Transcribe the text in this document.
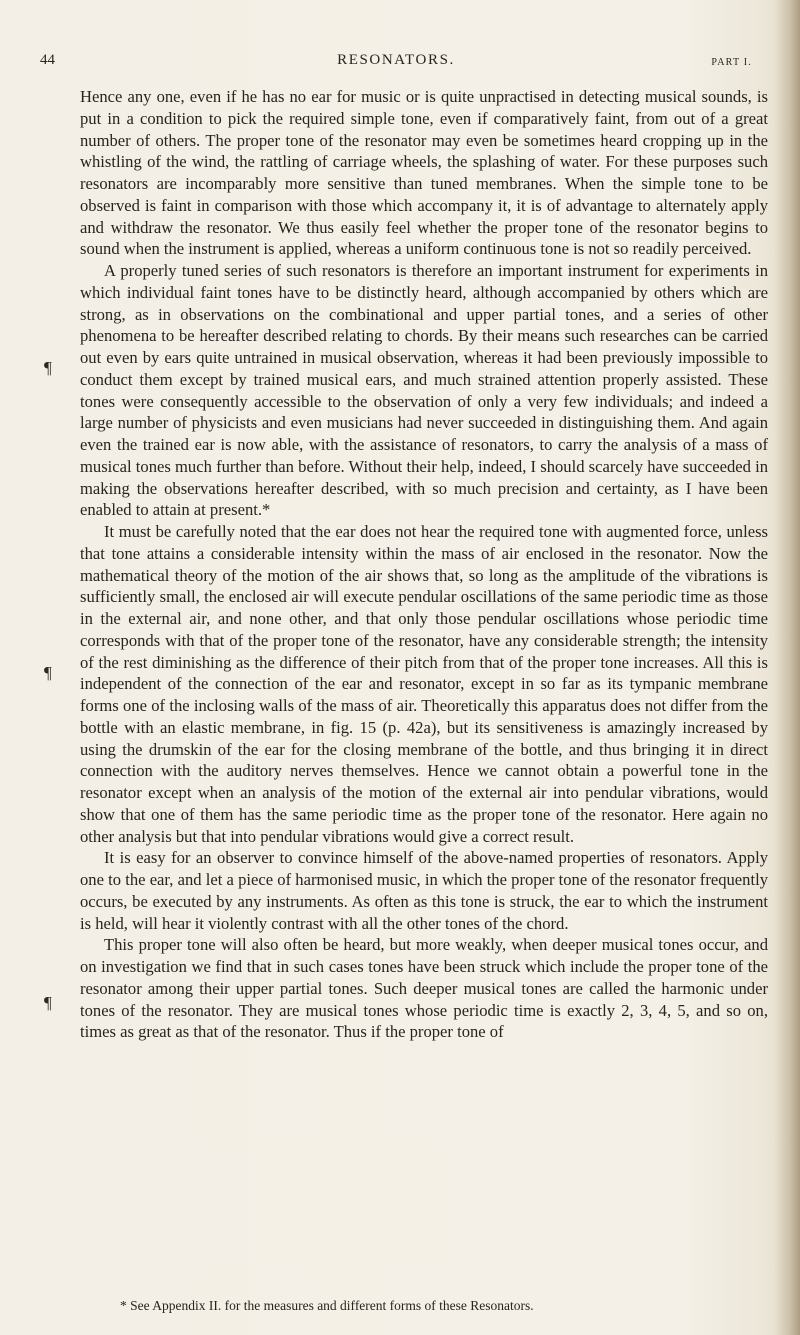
44	RESONATORS.	PART I.
¶
¶
¶

Hence any one, even if he has no ear for music or is quite unpractised in detecting musical sounds, is put in a condition to pick the required simple tone, even if comparatively faint, from out of a great number of others. The proper tone of the resonator may even be sometimes heard cropping up in the whistling of the wind, the rattling of carriage wheels, the splashing of water. For these purposes such resonators are incomparably more sensitive than tuned membranes. When the simple tone to be observed is faint in comparison with those which accompany it, it is of advantage to alternately apply and withdraw the resonator. We thus easily feel whether the proper tone of the resonator begins to sound when the instrument is applied, whereas a uniform continuous tone is not so readily perceived.

A properly tuned series of such resonators is therefore an important instrument for experiments in which individual faint tones have to be distinctly heard, although accompanied by others which are strong, as in observations on the combinational and upper partial tones, and a series of other phenomena to be hereafter described relating to chords. By their means such researches can be carried out even by ears quite untrained in musical observation, whereas it had been previously impossible to conduct them except by trained musical ears, and much strained attention properly assisted. These tones were consequently accessible to the observation of only a very few individuals; and indeed a large number of physicists and even musicians had never succeeded in distinguishing them. And again even the trained ear is now able, with the assistance of resonators, to carry the analysis of a mass of musical tones much further than before. Without their help, indeed, I should scarcely have succeeded in making the observations hereafter described, with so much precision and certainty, as I have been enabled to attain at present.*

It must be carefully noted that the ear does not hear the required tone with augmented force, unless that tone attains a considerable intensity within the mass of air enclosed in the resonator. Now the mathematical theory of the motion of the air shows that, so long as the amplitude of the vibrations is sufficiently small, the enclosed air will execute pendular oscillations of the same periodic time as those in the external air, and none other, and that only those pendular oscillations whose periodic time corresponds with that of the proper tone of the resonator, have any considerable strength; the intensity of the rest diminishing as the difference of their pitch from that of the proper tone increases. All this is independent of the connection of the ear and resonator, except in so far as its tympanic membrane forms one of the inclosing walls of the mass of air. Theoretically this apparatus does not differ from the bottle with an elastic membrane, in fig. 15 (p. 42a), but its sensitiveness is amazingly increased by using the drumskin of the ear for the closing membrane of the bottle, and thus bringing it in direct connection with the auditory nerves themselves. Hence we cannot obtain a powerful tone in the resonator except when an analysis of the motion of the external air into pendular vibrations, would show that one of them has the same periodic time as the proper tone of the resonator. Here again no other analysis but that into pendular vibrations would give a correct result.

It is easy for an observer to convince himself of the above-named properties of resonators. Apply one to the ear, and let a piece of harmonised music, in which the proper tone of the resonator frequently occurs, be executed by any instruments. As often as this tone is struck, the ear to which the instrument is held, will hear it violently contrast with all the other tones of the chord.

This proper tone will also often be heard, but more weakly, when deeper musical tones occur, and on investigation we find that in such cases tones have been struck which include the proper tone of the resonator among their upper partial tones. Such deeper musical tones are called the harmonic under tones of the resonator. They are musical tones whose periodic time is exactly 2, 3, 4, 5, and so on, times as great as that of the resonator. Thus if the proper tone of

* See Appendix II. for the measures and different forms of these Resonators.
